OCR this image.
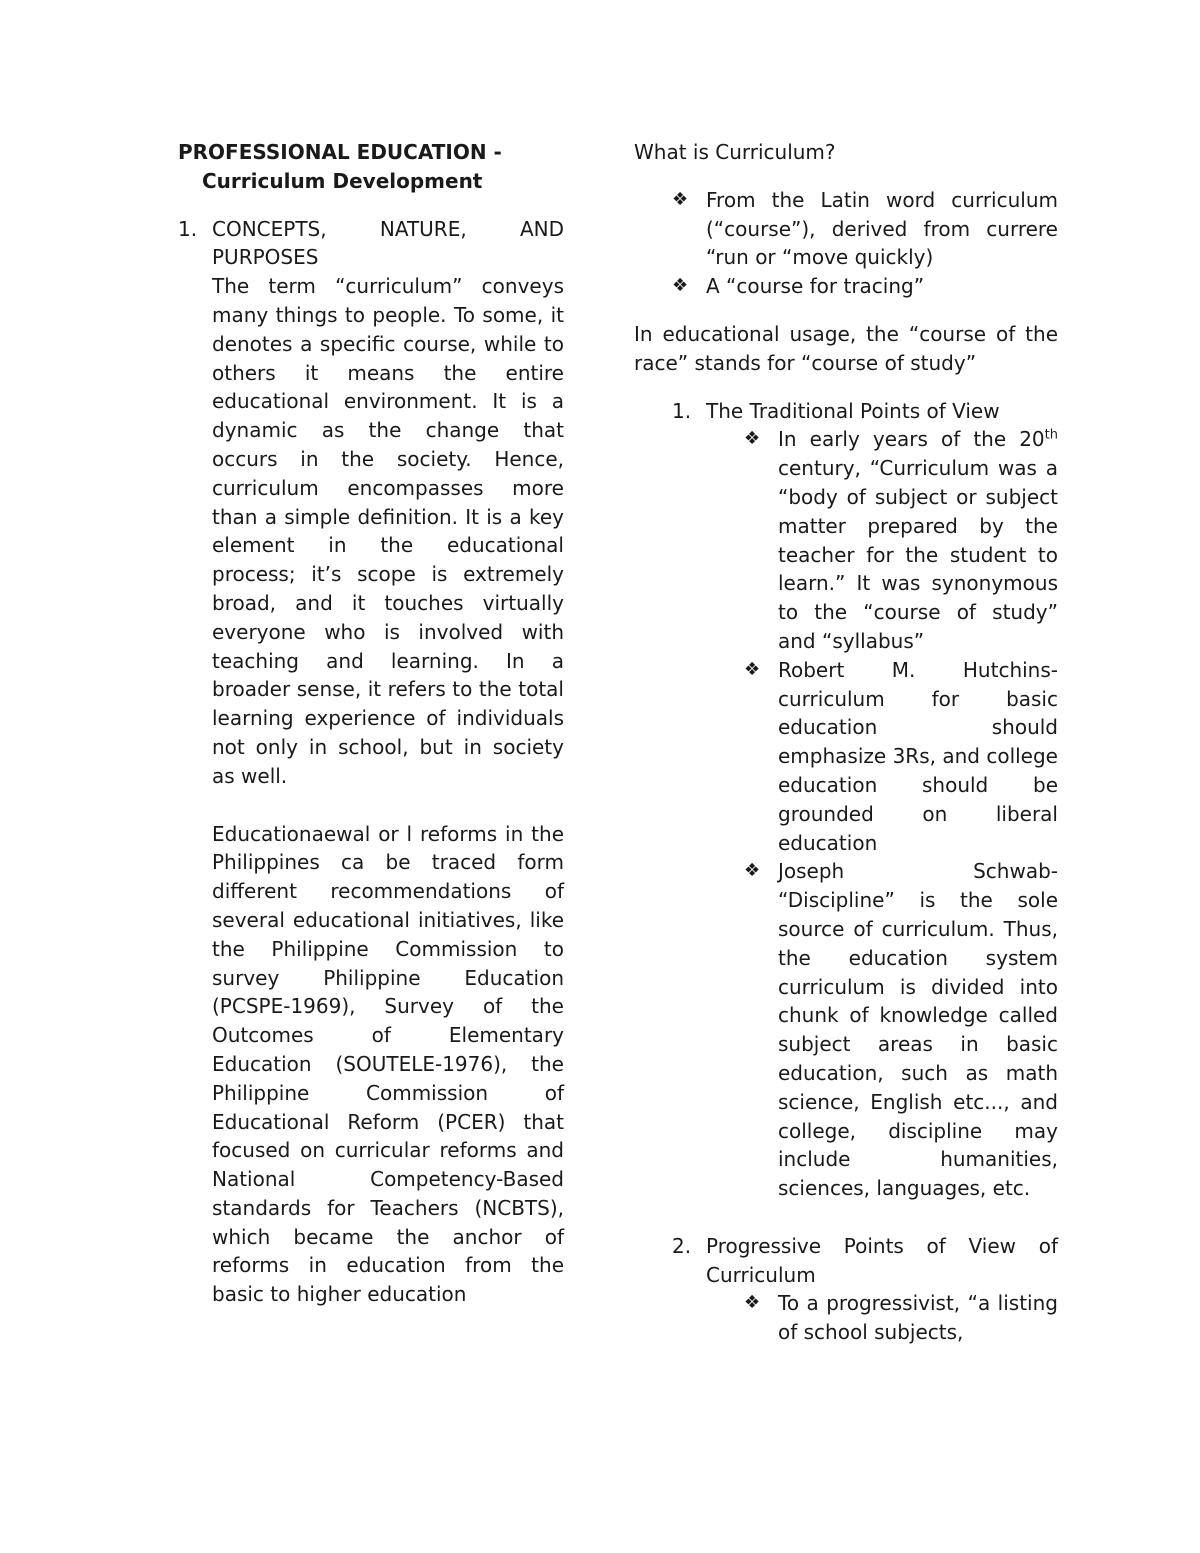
PROFESSIONAL EDUCATION -
Curriculum Development
1. CONCEPTS, NATURE, AND PURPOSES

The term “curriculum” conveys many things to people. To some, it denotes a specific course, while to others it means the entire educational environment. It is a dynamic as the change that occurs in the society. Hence, curriculum encompasses more than a simple definition. It is a key element in the educational process; it’s scope is extremely broad, and it touches virtually everyone who is involved with teaching and learning. In a broader sense, it refers to the total learning experience of individuals not only in school, but in society as well.

Educationaewal or l reforms in the Philippines ca be traced form different recommendations of several educational initiatives, like the Philippine Commission to survey Philippine Education (PCSPE-1969), Survey of the Outcomes of Elementary Education (SOUTELE-1976), the Philippine Commission of Educational Reform (PCER) that focused on curricular reforms and National Competency-Based standards for Teachers (NCBTS), which became the anchor of reforms in education from the basic to higher education

What is Curriculum?

❖ From the Latin word curriculum (“course”), derived from currere “run or “move quickly)

❖ A “course for tracing”

In educational usage, the “course of the race” stands for “course of study”

1. The Traditional Points of View

❖ In early years of the 20th century, “Curriculum was a “body of subject or subject matter prepared by the teacher for the student to learn.” It was synonymous to the “course of study” and “syllabus”

❖ Robert M. Hutchins-curriculum for basic education should emphasize 3Rs, and college education should be grounded on liberal education

❖ Joseph Schwab- “Discipline” is the sole source of curriculum. Thus, the education system curriculum is divided into chunk of knowledge called subject areas in basic education, such as math science, English etc..., and college, discipline may include humanities, sciences, languages, etc.

2. Progressive Points of View of Curriculum

❖ To a progressivist, “a listing of school subjects,
